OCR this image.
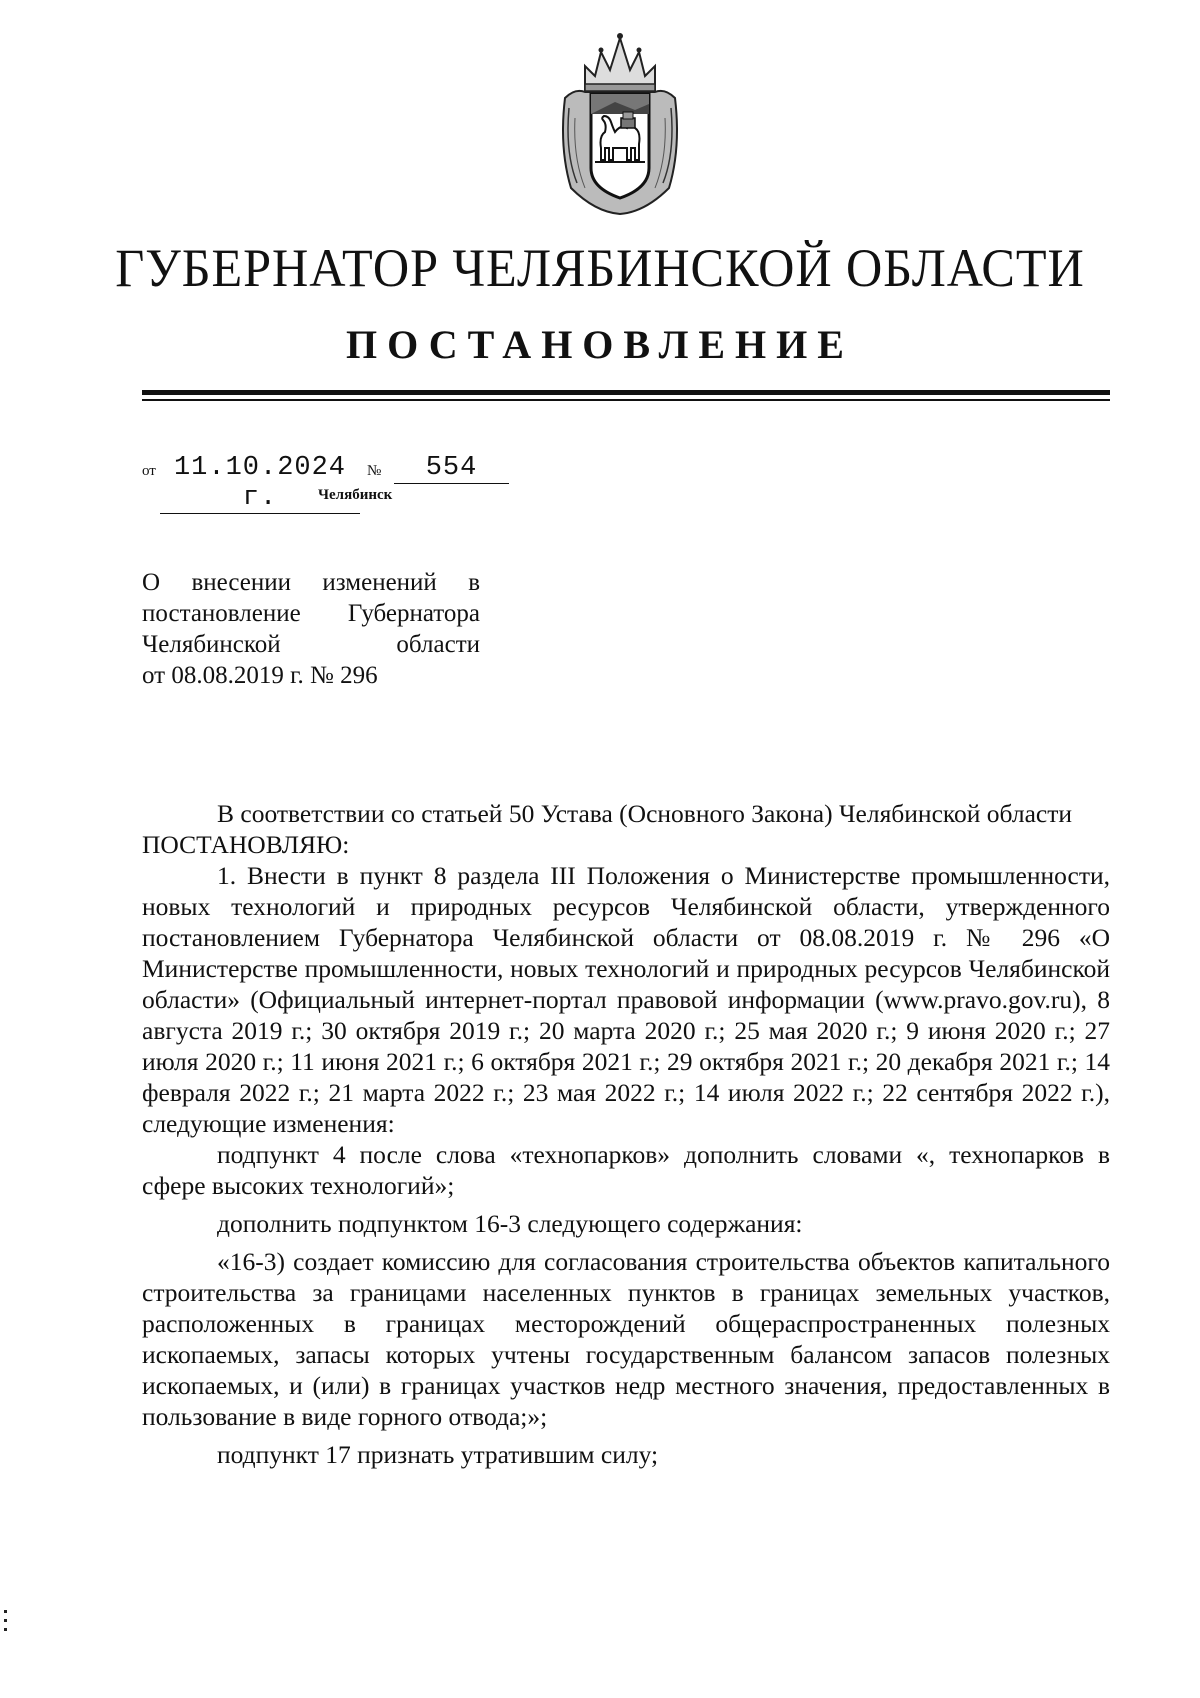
ГУБЕРНАТОР ЧЕЛЯБИНСКОЙ ОБЛАСТИ
ПОСТАНОВЛЕНИЕ
от 11.10.2024 г.
№	554
Челябинск
О внесении изменений в
постановление Губернатора
Челябинской области
от 08.08.2019 г. № 296

В соответствии со статьей 50 Устава (Основного Закона) Челябинской области

ПОСТАНОВЛЯЮ:

1. Внести в пункт 8 раздела III Положения о Министерстве промышленности, новых технологий и природных ресурсов Челябинской области, утвержденного постановлением Губернатора Челябинской области от 08.08.2019 г. № 296 «О Министерстве промышленности, новых технологий и природных ресурсов Челябинской области» (Официальный интернет-портал правовой информации (www.pravo.gov.ru), 8 августа 2019 г.; 30 октября 2019 г.; 20 марта 2020 г.; 25 мая 2020 г.; 9 июня 2020 г.; 27 июля 2020 г.; 11 июня 2021 г.; 6 октября 2021 г.; 29 октября 2021 г.; 20 декабря 2021 г.; 14 февраля 2022 г.; 21 марта 2022 г.; 23 мая 2022 г.; 14 июля 2022 г.; 22 сентября 2022 г.), следующие изменения:

подпункт 4 после слова «технопарков» дополнить словами «, технопарков в сфере высоких технологий»;

дополнить подпунктом 16-3 следующего содержания:

«16-3) создает комиссию для согласования строительства объектов капитального строительства за границами населенных пунктов в границах земельных участков, расположенных в границах месторождений общераспространенных полезных ископаемых, запасы которых учтены государственным балансом запасов полезных ископаемых, и (или) в границах участков недр местного значения, предоставленных в пользование в виде горного отвода;»;

подпункт 17 признать утратившим силу;
